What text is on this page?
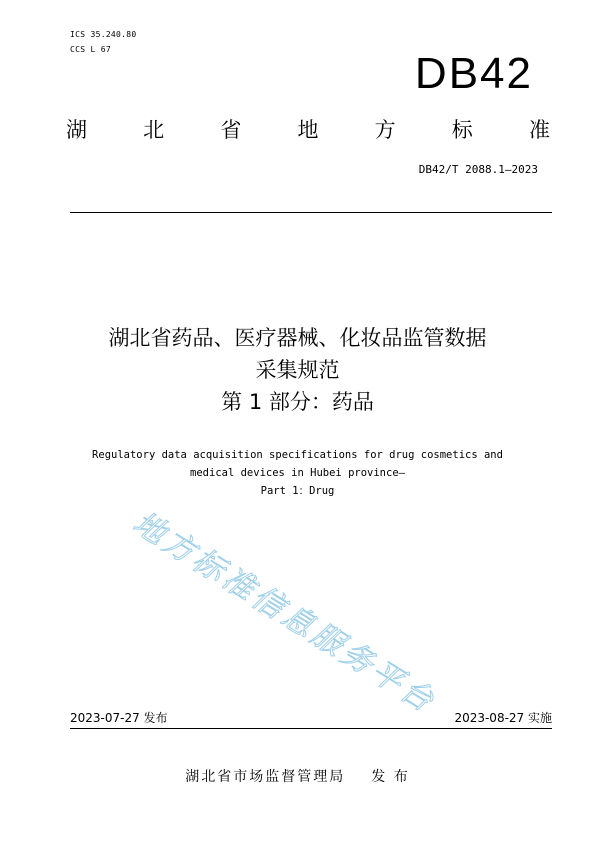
ICS 35.240.80
CCS L 67	DB42
湖	北	省	地	方	标	准
DB42/T 2088.1—2023
湖北省药品、医疗器械、化妆品监管数据
采集规范
第 1 部分：药品
Regulatory data acquisition specifications for drug cosmetics and
medical devices in Hubei province—
Part 1：Drug
地方标准信息服务平台
2023-07-27 发布	2023-08-27 实施
湖北省市场监督管理局 发 布
